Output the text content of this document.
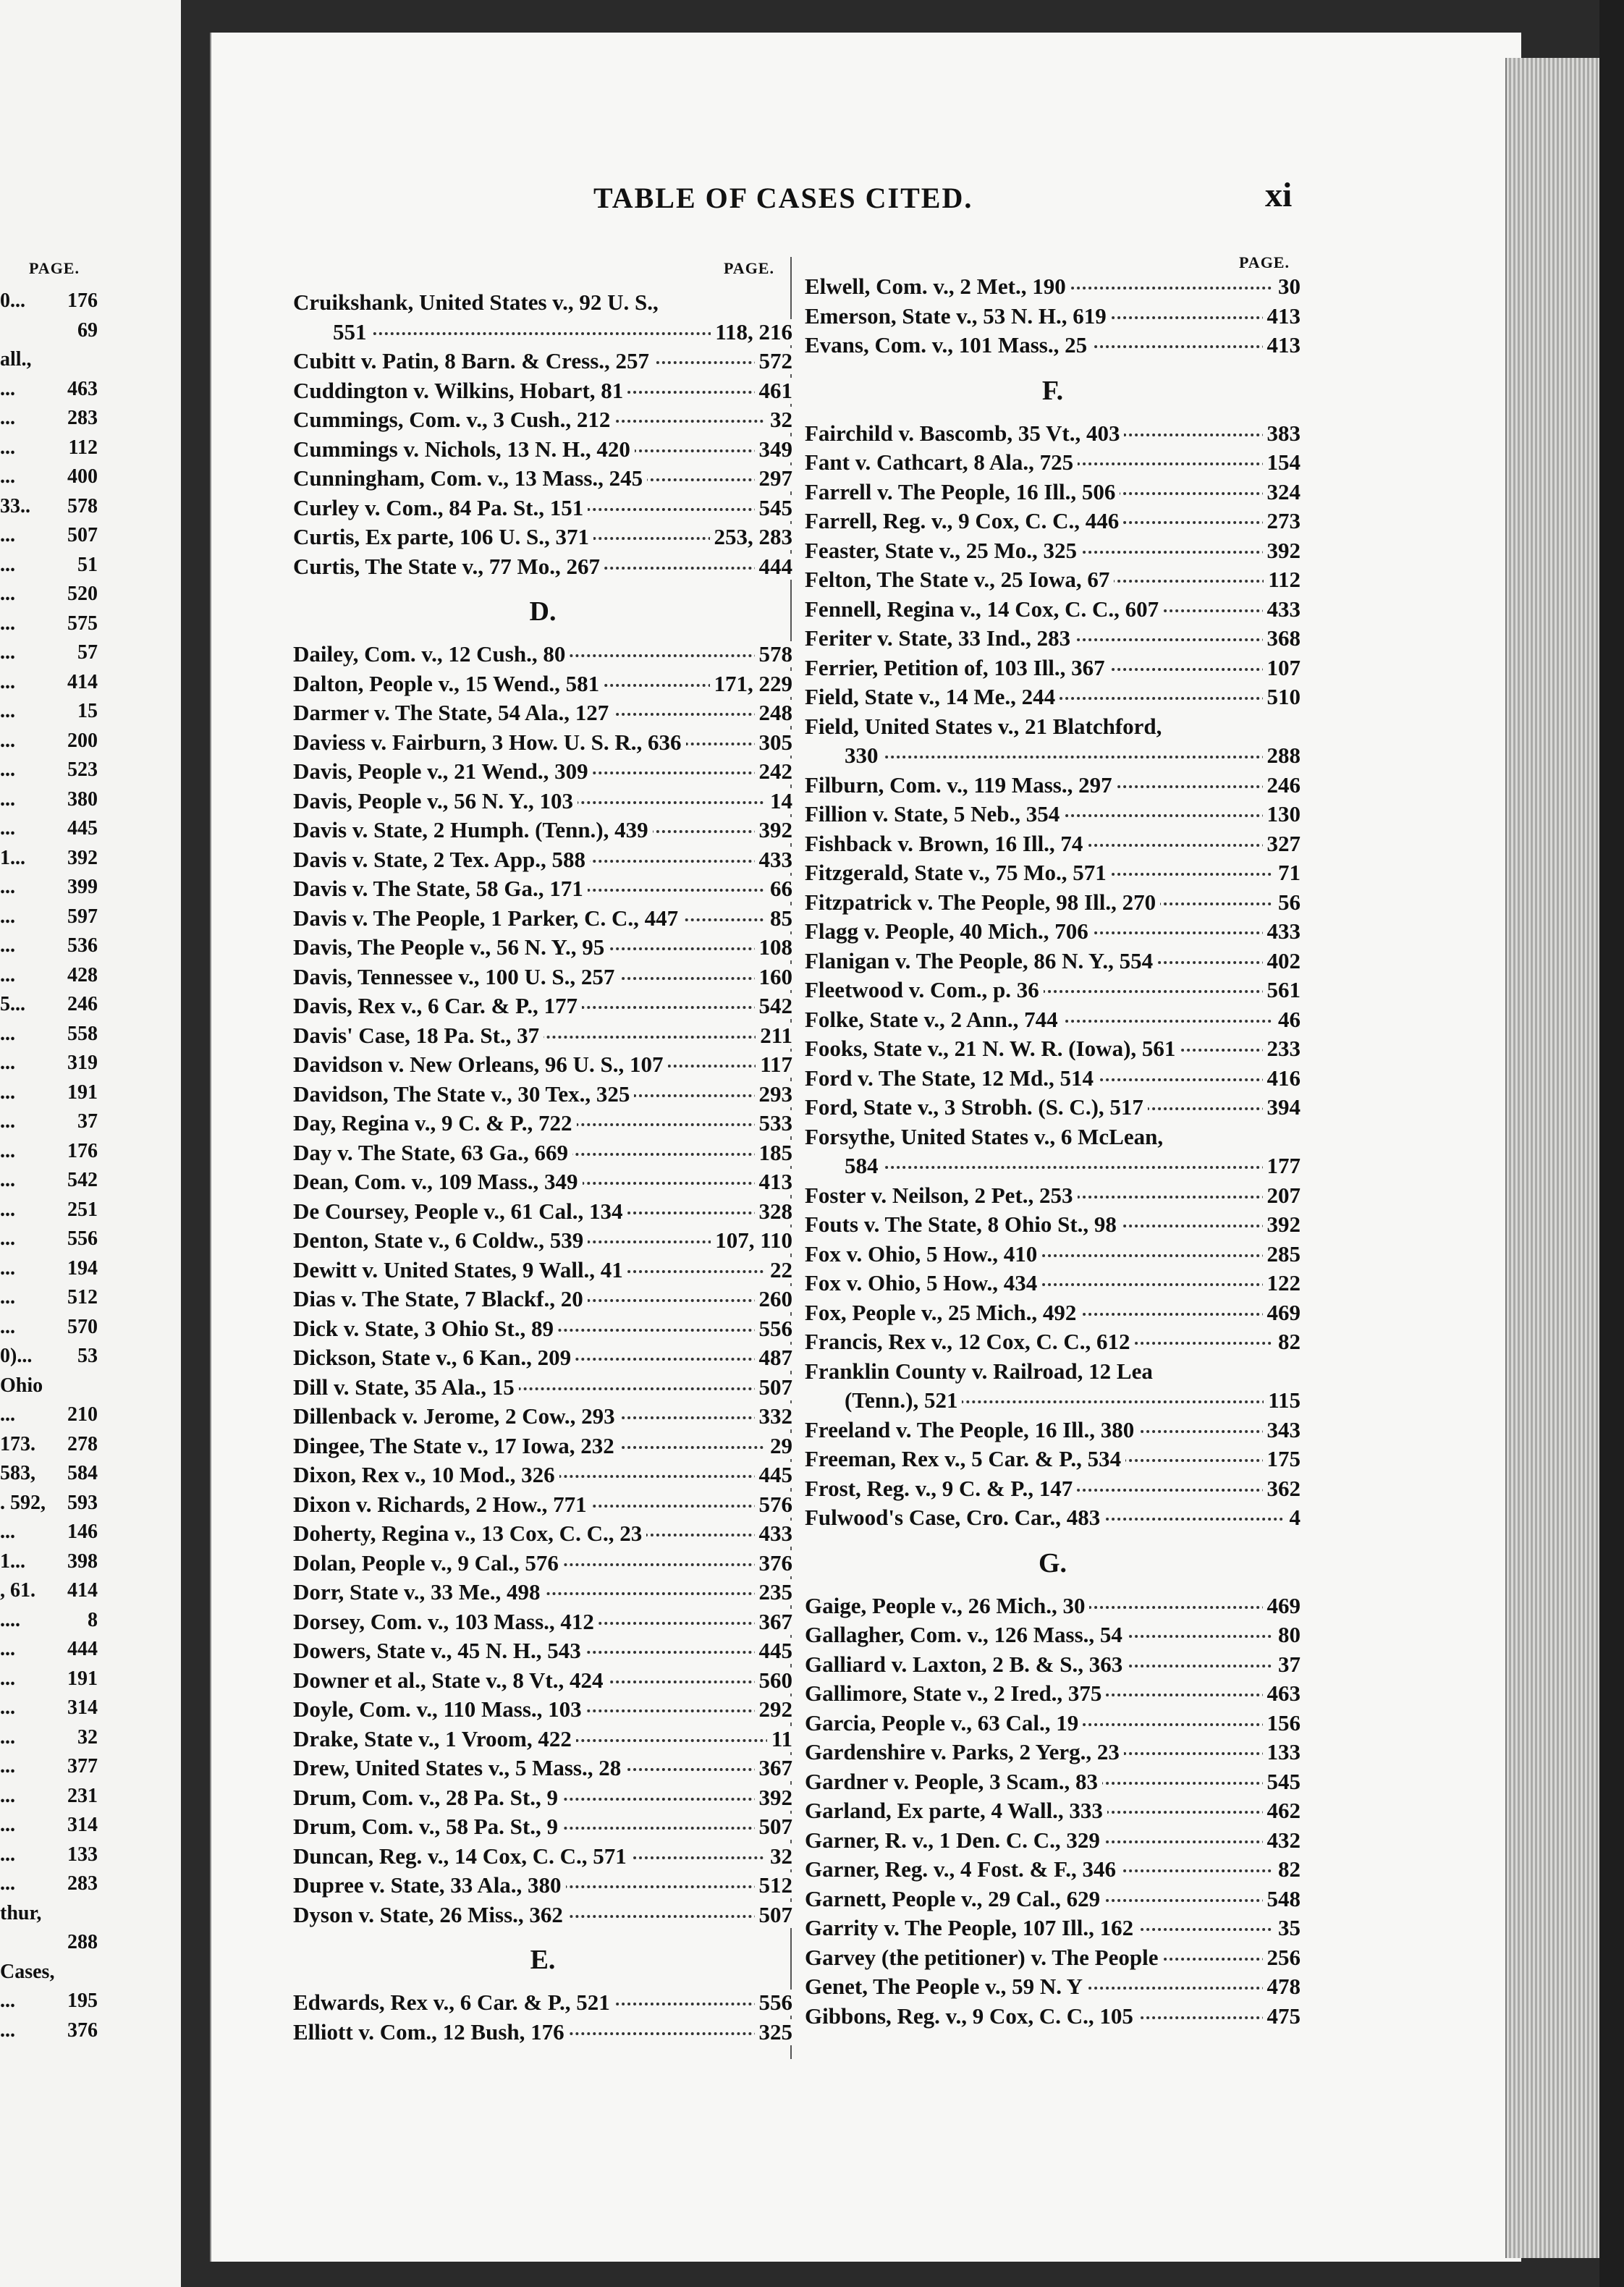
PAGE.
0... 176
69
all.,
...	463
...	283
...	112
...	400
33.. 578
...	507
...	51
...	520
...	575
...	57
...	414
...	15
...	200
...	523
...	380
...	445
1... 392
...	399
...	597
...	536
...	428
5... 246
...	558
...	319
...	191
...	37
...	176
...	542
...	251
...	556
...	194
...	512
...	570
0)... 53
Ohio
...	210
173. 278
583, 584
. 592, 593
...	146
1... 398
, 61. 414
....	8
...	444
...	191
...	314
...	32
...	377
...	231
...	314
...	133
...	283
thur,
288
Cases,
...	195
...	376
TABLE OF CASES CITED.	xi
PAGE.	PAGE.
Cruikshank, United States v., 92 U. S.,
551	118, 216
Cubitt v. Patin, 8 Barn. & Cress., 257	572
Cuddington v. Wilkins, Hobart, 81	461
Cummings, Com. v., 3 Cush., 212	32
Cummings v. Nichols, 13 N. H., 420	349
Cunningham, Com. v., 13 Mass., 245	297
Curley v. Com., 84 Pa. St., 151	545
Curtis, Ex parte, 106 U. S., 371	253, 283
Curtis, The State v., 77 Mo., 267	444
D.
Dailey, Com. v., 12 Cush., 80	578
Dalton, People v., 15 Wend., 581	171, 229
Darmer v. The State, 54 Ala., 127	248
Daviess v. Fairburn, 3 How. U. S. R., 636	305
Davis, People v., 21 Wend., 309	242
Davis, People v., 56 N. Y., 103	14
Davis v. State, 2 Humph. (Tenn.), 439	392
Davis v. State, 2 Tex. App., 588	433
Davis v. The State, 58 Ga., 171	66
Davis v. The People, 1 Parker, C. C., 447	85
Davis, The People v., 56 N. Y., 95	108
Davis, Tennessee v., 100 U. S., 257	160
Davis, Rex v., 6 Car. & P., 177	542
Davis' Case, 18 Pa. St., 37	211
Davidson v. New Orleans, 96 U. S., 107	117
Davidson, The State v., 30 Tex., 325	293
Day, Regina v., 9 C. & P., 722	533
Day v. The State, 63 Ga., 669	185
Dean, Com. v., 109 Mass., 349	413
De Coursey, People v., 61 Cal., 134	328
Denton, State v., 6 Coldw., 539	107, 110
Dewitt v. United States, 9 Wall., 41	22
Dias v. The State, 7 Blackf., 20	260
Dick v. State, 3 Ohio St., 89	556
Dickson, State v., 6 Kan., 209	487
Dill v. State, 35 Ala., 15	507
Dillenback v. Jerome, 2 Cow., 293	332
Dingee, The State v., 17 Iowa, 232	29
Dixon, Rex v., 10 Mod., 326	445
Dixon v. Richards, 2 How., 771	576
Doherty, Regina v., 13 Cox, C. C., 23	433
Dolan, People v., 9 Cal., 576	376
Dorr, State v., 33 Me., 498	235
Dorsey, Com. v., 103 Mass., 412	367
Dowers, State v., 45 N. H., 543	445
Downer et al., State v., 8 Vt., 424	560
Doyle, Com. v., 110 Mass., 103	292
Drake, State v., 1 Vroom, 422	11
Drew, United States v., 5 Mass., 28	367
Drum, Com. v., 28 Pa. St., 9	392
Drum, Com. v., 58 Pa. St., 9	507
Duncan, Reg. v., 14 Cox, C. C., 571	32
Dupree v. State, 33 Ala., 380	512
Dyson v. State, 26 Miss., 362	507
E.
Edwards, Rex v., 6 Car. & P., 521	556
Elliott v. Com., 12 Bush, 176	325
Elwell, Com. v., 2 Met., 190	30
Emerson, State v., 53 N. H., 619	413
Evans, Com. v., 101 Mass., 25	413
F.
Fairchild v. Bascomb, 35 Vt., 403	383
Fant v. Cathcart, 8 Ala., 725	154
Farrell v. The People, 16 Ill., 506	324
Farrell, Reg. v., 9 Cox, C. C., 446	273
Feaster, State v., 25 Mo., 325	392
Felton, The State v., 25 Iowa, 67	112
Fennell, Regina v., 14 Cox, C. C., 607	433
Feriter v. State, 33 Ind., 283	368
Ferrier, Petition of, 103 Ill., 367	107
Field, State v., 14 Me., 244	510
Field, United States v., 21 Blatchford,
330	288
Filburn, Com. v., 119 Mass., 297	246
Fillion v. State, 5 Neb., 354	130
Fishback v. Brown, 16 Ill., 74	327
Fitzgerald, State v., 75 Mo., 571	71
Fitzpatrick v. The People, 98 Ill., 270	56
Flagg v. People, 40 Mich., 706	433
Flanigan v. The People, 86 N. Y., 554	402
Fleetwood v. Com., p. 36	561
Folke, State v., 2 Ann., 744	46
Fooks, State v., 21 N. W. R. (Iowa), 561	233
Ford v. The State, 12 Md., 514	416
Ford, State v., 3 Strobh. (S. C.), 517	394
Forsythe, United States v., 6 McLean,
584	177
Foster v. Neilson, 2 Pet., 253	207
Fouts v. The State, 8 Ohio St., 98	392
Fox v. Ohio, 5 How., 410	285
Fox v. Ohio, 5 How., 434	122
Fox, People v., 25 Mich., 492	469
Francis, Rex v., 12 Cox, C. C., 612	82
Franklin County v. Railroad, 12 Lea
(Tenn.), 521	115
Freeland v. The People, 16 Ill., 380	343
Freeman, Rex v., 5 Car. & P., 534	175
Frost, Reg. v., 9 C. & P., 147	362
Fulwood's Case, Cro. Car., 483	4
G.
Gaige, People v., 26 Mich., 30	469
Gallagher, Com. v., 126 Mass., 54	80
Galliard v. Laxton, 2 B. & S., 363	37
Gallimore, State v., 2 Ired., 375	463
Garcia, People v., 63 Cal., 19	156
Gardenshire v. Parks, 2 Yerg., 23	133
Gardner v. People, 3 Scam., 83	545
Garland, Ex parte, 4 Wall., 333	462
Garner, R. v., 1 Den. C. C., 329	432
Garner, Reg. v., 4 Fost. & F., 346	82
Garnett, People v., 29 Cal., 629	548
Garrity v. The People, 107 Ill., 162	35
Garvey (the petitioner) v. The People	256
Genet, The People v., 59 N. Y	478
Gibbons, Reg. v., 9 Cox, C. C., 105	475
